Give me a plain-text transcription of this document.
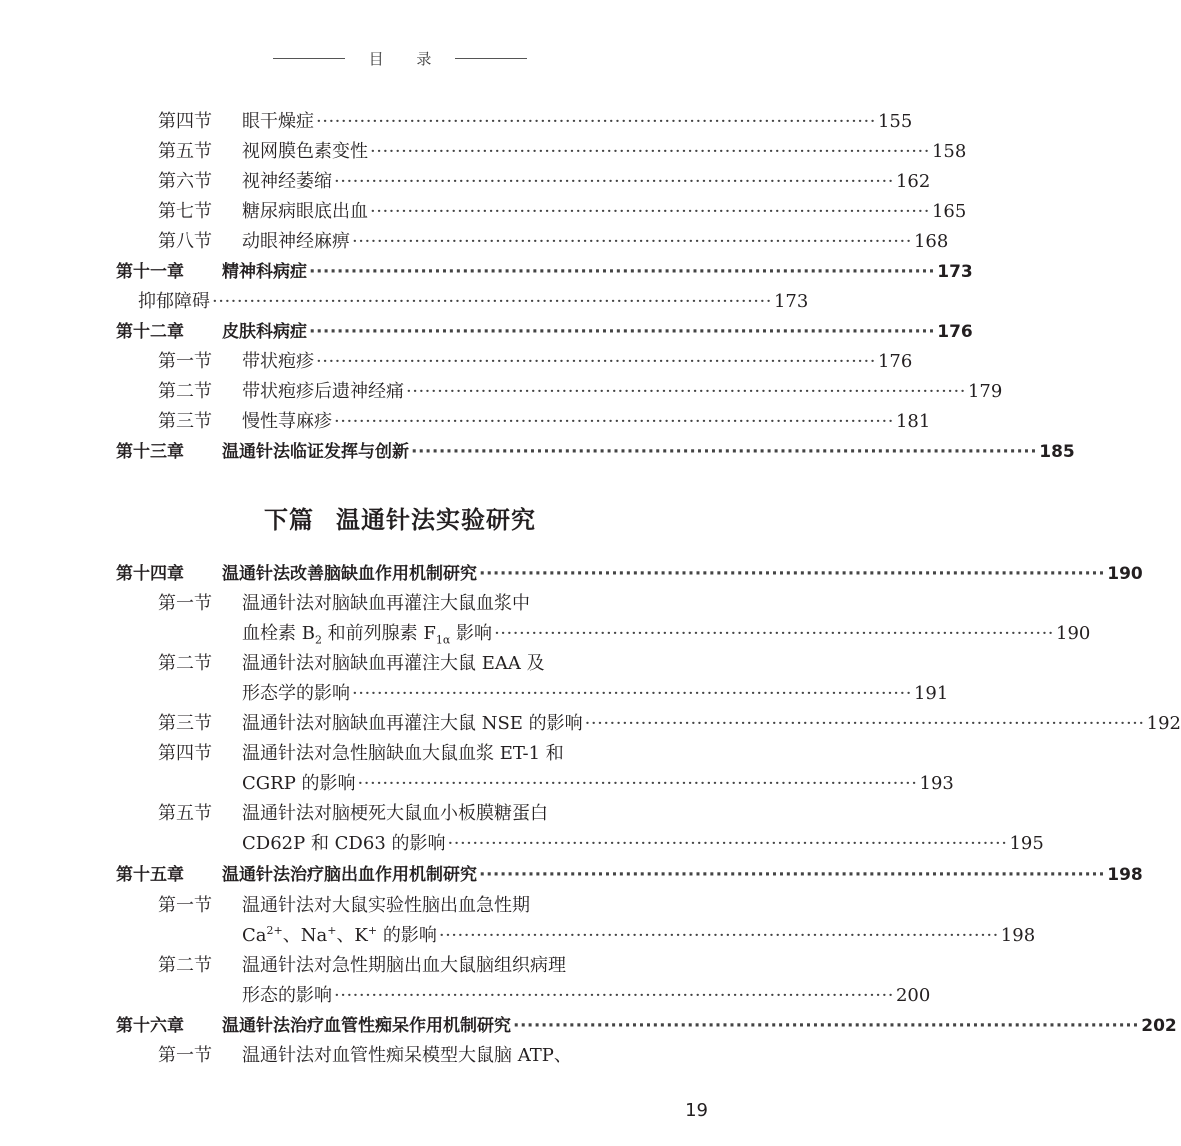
目 录
第四节 眼干燥症 ·························································································· 155
第五节 视网膜色素变性 ·························································································· 158
第六节 视神经萎缩 ·························································································· 162
第七节 糖尿病眼底出血 ·························································································· 165
第八节 动眼神经麻痹 ·························································································· 168
第十一章 精神科病症 ·························································································· 173
抑郁障碍 ·························································································· 173
第十二章 皮肤科病症 ·························································································· 176
第一节 带状疱疹 ·························································································· 176
第二节 带状疱疹后遗神经痛 ·························································································· 179
第三节 慢性荨麻疹 ·························································································· 181
第十三章 温通针法临证发挥与创新 ·························································································· 185
下篇 温通针法实验研究
第十四章 温通针法改善脑缺血作用机制研究 ·························································································· 190
第一节 温通针法对脑缺血再灌注大鼠血浆中
血栓素 $B_2$ 和前列腺素 $F_{1\alpha}$ 影响 ·························································································· 190
第二节 温通针法对脑缺血再灌注大鼠 EAA 及
形态学的影响 ·························································································· 191
第三节 温通针法对脑缺血再灌注大鼠 NSE 的影响 ·························································································· 192
第四节 温通针法对急性脑缺血大鼠血浆 ET-1 和
CGRP 的影响 ·························································································· 193
第五节 温通针法对脑梗死大鼠血小板膜糖蛋白
CD62P 和 CD63 的影响 ·························································································· 195
第十五章 温通针法治疗脑出血作用机制研究 ·························································································· 198
第一节 温通针法对大鼠实验性脑出血急性期
$Ca^{2+}$、Na+、K+ 的影响 ·························································································· 198
第二节 温通针法对急性期脑出血大鼠脑组织病理
形态的影响 ·························································································· 200
第十六章 温通针法治疗血管性痴呆作用机制研究 ·························································································· 202
第一节 温通针法对血管性痴呆模型大鼠脑 ATP、
19
